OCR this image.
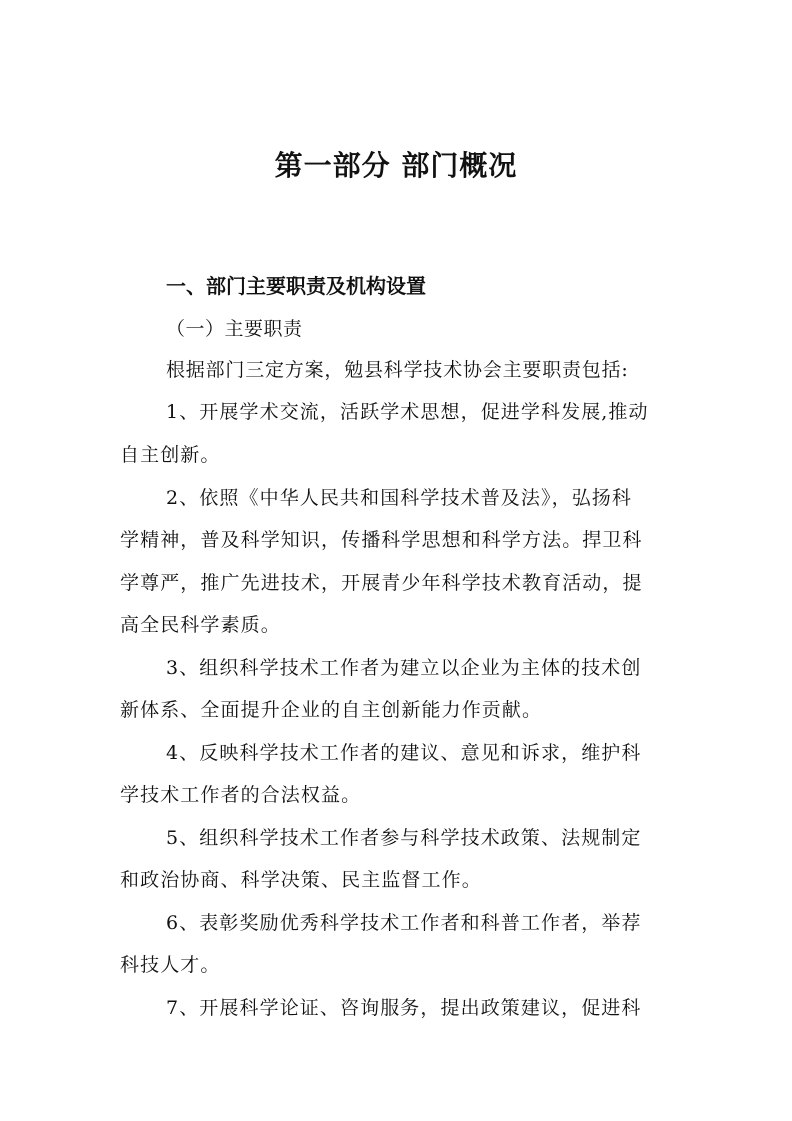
第一部分 部门概况
一、部门主要职责及机构设置
（一）主要职责
根据部门三定方案，勉县科学技术协会主要职责包括:
1、开展学术交流，活跃学术思想，促进学科发展,推动
自主创新。
2、依照《中华人民共和国科学技术普及法》，弘扬科
学精神，普及科学知识，传播科学思想和科学方法。捍卫科
学尊严，推广先进技术，开展青少年科学技术教育活动，提
高全民科学素质。
3、组织科学技术工作者为建立以企业为主体的技术创
新体系、全面提升企业的自主创新能力作贡献。
4、反映科学技术工作者的建议、意见和诉求，维护科
学技术工作者的合法权益。
5、组织科学技术工作者参与科学技术政策、法规制定
和政治协商、科学决策、民主监督工作。
6、表彰奖励优秀科学技术工作者和科普工作者，举荐
科技人才。
7、开展科学论证、咨询服务，提出政策建议，促进科
